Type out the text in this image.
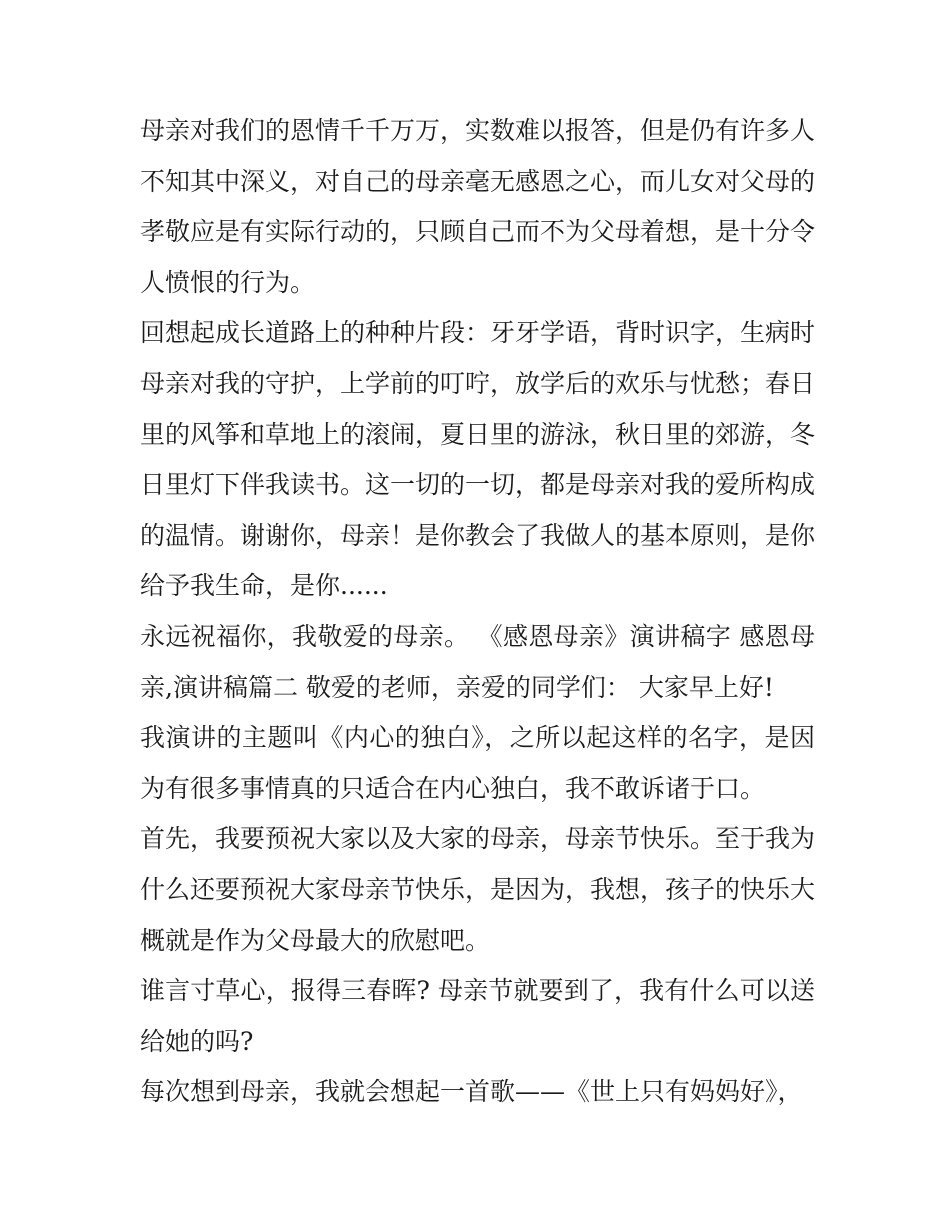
母亲对我们的恩情千千万万，实数难以报答，但是仍有许多人不知其中深义，对自己的母亲毫无感恩之心，而儿女对父母的孝敬应是有实际行动的，只顾自己而不为父母着想，是十分令人愤恨的行为。

回想起成长道路上的种种片段：牙牙学语，背时识字，生病时母亲对我的守护，上学前的叮咛，放学后的欢乐与忧愁；春日里的风筝和草地上的滚闹，夏日里的游泳，秋日里的郊游，冬日里灯下伴我读书。这一切的一切，都是母亲对我的爱所构成的温情。谢谢你，母亲！是你教会了我做人的基本原则，是你给予我生命，是你......

永远祝福你，我敬爱的母亲。 《感恩母亲》演讲稿字 感恩母亲,演讲稿篇二 敬爱的老师，亲爱的同学们： 大家早上好!

我演讲的主题叫《内心的独白》，之所以起这样的名字，是因为有很多事情真的只适合在内心独白，我不敢诉诸于口。

首先，我要预祝大家以及大家的母亲，母亲节快乐。至于我为什么还要预祝大家母亲节快乐，是因为，我想，孩子的快乐大概就是作为父母最大的欣慰吧。

谁言寸草心，报得三春晖? 母亲节就要到了，我有什么可以送给她的吗?

每次想到母亲，我就会想起一首歌——《世上只有妈妈好》，
